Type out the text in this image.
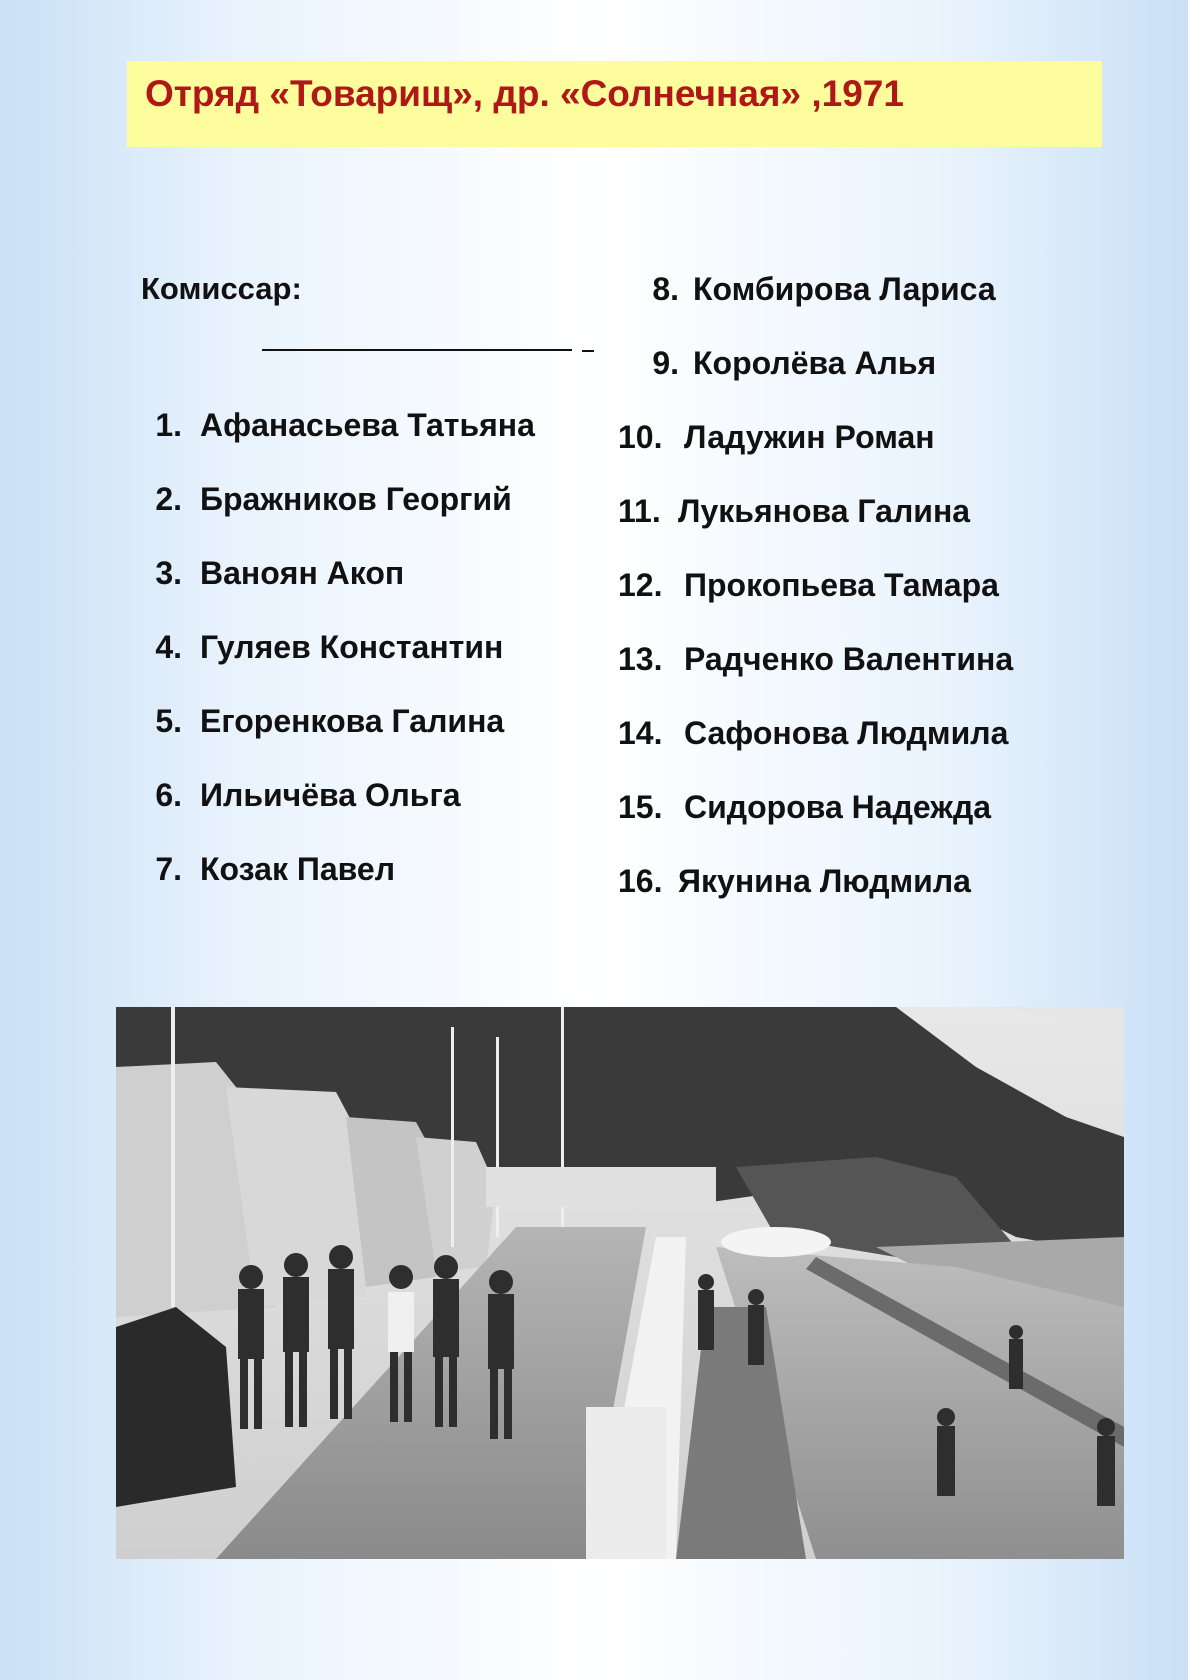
Отряд «Товарищ», др. «Солнечная» ,1971
Комиссар:
1. Афанасьева Татьяна
2. Бражников Георгий
3. Ванoян Акоп
4. Гуляев Константин
5. Егоренкова Галина
6. Ильичёва Ольга
7. Козак Павел
8. Комбирова Лариса
9. Королёва Алья
10. Ладужин Роман
11. Лукьянова Галина
12. Прокопьева Тамара
13. Радченко Валентина
14. Сафонова Людмила
15. Сидорова Надежда
16. Якунина Людмила
